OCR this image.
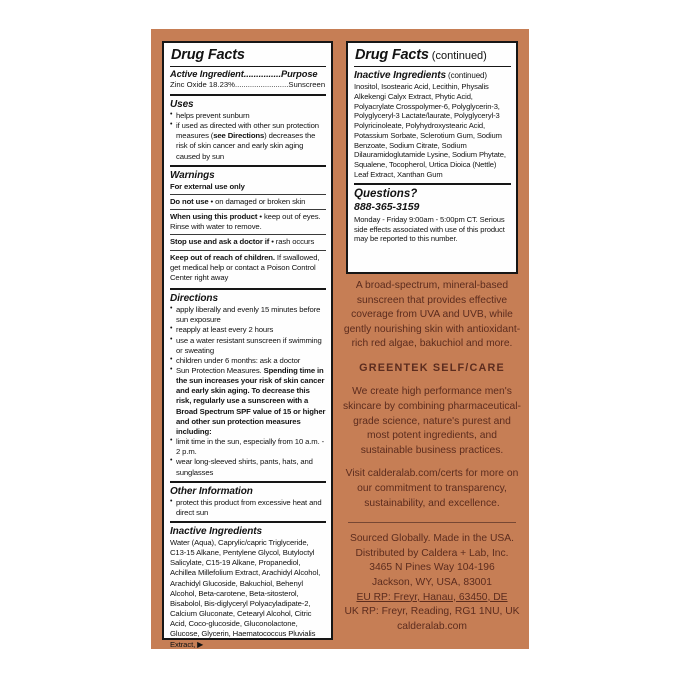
Drug Facts
Active Ingredient...............Purpose
Zinc Oxide 18.23%.........................Sunscreen
Uses
• helps prevent sunburn
• if used as directed with other sun protection measures (see Directions) decreases the risk of skin cancer and early skin aging caused by sun
Warnings
For external use only
Do not use • on damaged or broken skin
When using this product • keep out of eyes. Rinse with water to remove.
Stop use and ask a doctor if • rash occurs
Keep out of reach of children. If swallowed, get medical help or contact a Poison Control Center right away
Directions
• apply liberally and evenly 15 minutes before sun exposure
• reapply at least every 2 hours
• use a water resistant sunscreen if swimming or sweating
• children under 6 months: ask a doctor
• Sun Protection Measures. Spending time in the sun increases your risk of skin cancer and early skin aging. To decrease this risk, regularly use a sunscreen with a Broad Spectrum SPF value of 15 or higher and other sun protection measures including:
• limit time in the sun, especially from 10 a.m. - 2 p.m.
• wear long-sleeved shirts, pants, hats, and sunglasses
Other Information
• protect this product from excessive heat and direct sun
Inactive Ingredients
Water (Aqua), Caprylic/capric Triglyceride, C13-15 Alkane, Pentylene Glycol, Butyloctyl Salicylate, C15-19 Alkane, Propanediol, Achillea Millefolium Extract, Arachidyl Alcohol, Arachidyl Glucoside, Bakuchiol, Behenyl Alcohol, Beta-carotene, Beta-sitosterol, Bisabolol, Bis-diglyceryl Polyacyladipate-2, Calcium Gluconate, Cetearyl Alcohol, Citric Acid, Coco-glucoside, Gluconolactone, Glucose, Glycerin, Haematococcus Pluvialis Extract, ▶
Drug Facts (continued)
Inactive Ingredients (continued)
Inositol, Isostearic Acid, Lecithin, Physalis Alkekengi Calyx Extract, Phytic Acid, Polyacrylate Crosspolymer-6, Polyglycerin-3, Polyglyceryl-3 Lactate/laurate, Polyglyceryl-3 Polyricinoleate, Polyhydroxystearic Acid, Potassium Sorbate, Sclerotium Gum, Sodium Benzoate, Sodium Citrate, Sodium Dilauramidoglutamide Lysine, Sodium Phytate, Squalene, Tocopherol, Urtica Dioica (Nettle) Leaf Extract, Xanthan Gum
Questions?
888-365-3159
Monday - Friday 9:00am - 5:00pm CT. Serious side effects associated with use of this product may be reported to this number.

A broad-spectrum, mineral-based sunscreen that provides effective coverage from UVA and UVB, while gently nourishing skin with antioxidant-rich red algae, bakuchiol and more.

GREENTEK SELF/CARE

We create high performance men's skincare by combining pharmaceutical-grade science, nature's purest and most potent ingredients, and sustainable business practices.

Visit calderalab.com/certs for more on our commitment to transparency, sustainability, and excellence.

Sourced Globally. Made in the USA.
Distributed by Caldera + Lab, Inc.
3465 N Pines Way 104-196
Jackson, WY, USA, 83001
EU RP: Freyr, Hanau, 63450, DE
UK RP: Freyr, Reading, RG1 1NU, UK
calderalab.com
